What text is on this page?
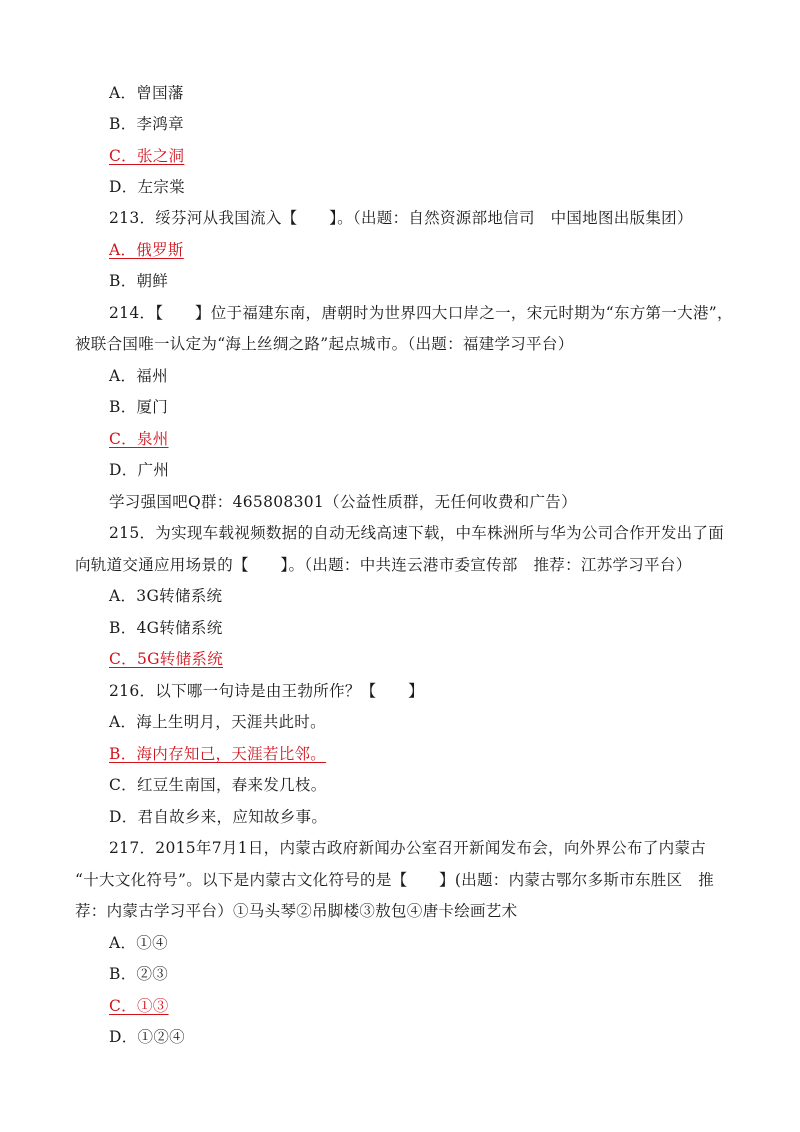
A．曾国藩
B．李鸿章
C．张之洞
D．左宗棠
213．绥芬河从我国流入【　　】。（出题：自然资源部地信司　中国地图出版集团）
A．俄罗斯
B．朝鲜
214．【　　】位于福建东南，唐朝时为世界四大口岸之一，宋元时期为“东方第一大港”，
被联合国唯一认定为“海上丝绸之路”起点城市。（出题：福建学习平台）
A．福州
B．厦门
C．泉州
D．广州
学习强国吧Q群：465808301（公益性质群，无任何收费和广告）
215．为实现车载视频数据的自动无线高速下载，中车株洲所与华为公司合作开发出了面
向轨道交通应用场景的【　　】。（出题：中共连云港市委宣传部　推荐：江苏学习平台）
A．3G转储系统
B．4G转储系统
C．5G转储系统
216．以下哪一句诗是由王勃所作？【　　】
A．海上生明月，天涯共此时。
B．海内存知己，天涯若比邻。
C．红豆生南国，春来发几枝。
D．君自故乡来，应知故乡事。
217．2015年7月1日，内蒙古政府新闻办公室召开新闻发布会，向外界公布了内蒙古
“十大文化符号”。以下是内蒙古文化符号的是【　　】(出题：内蒙古鄂尔多斯市东胜区　推
荐：内蒙古学习平台）①马头琴②吊脚楼③敖包④唐卡绘画艺术
A．①④
B．②③
C．①③
D．①②④
